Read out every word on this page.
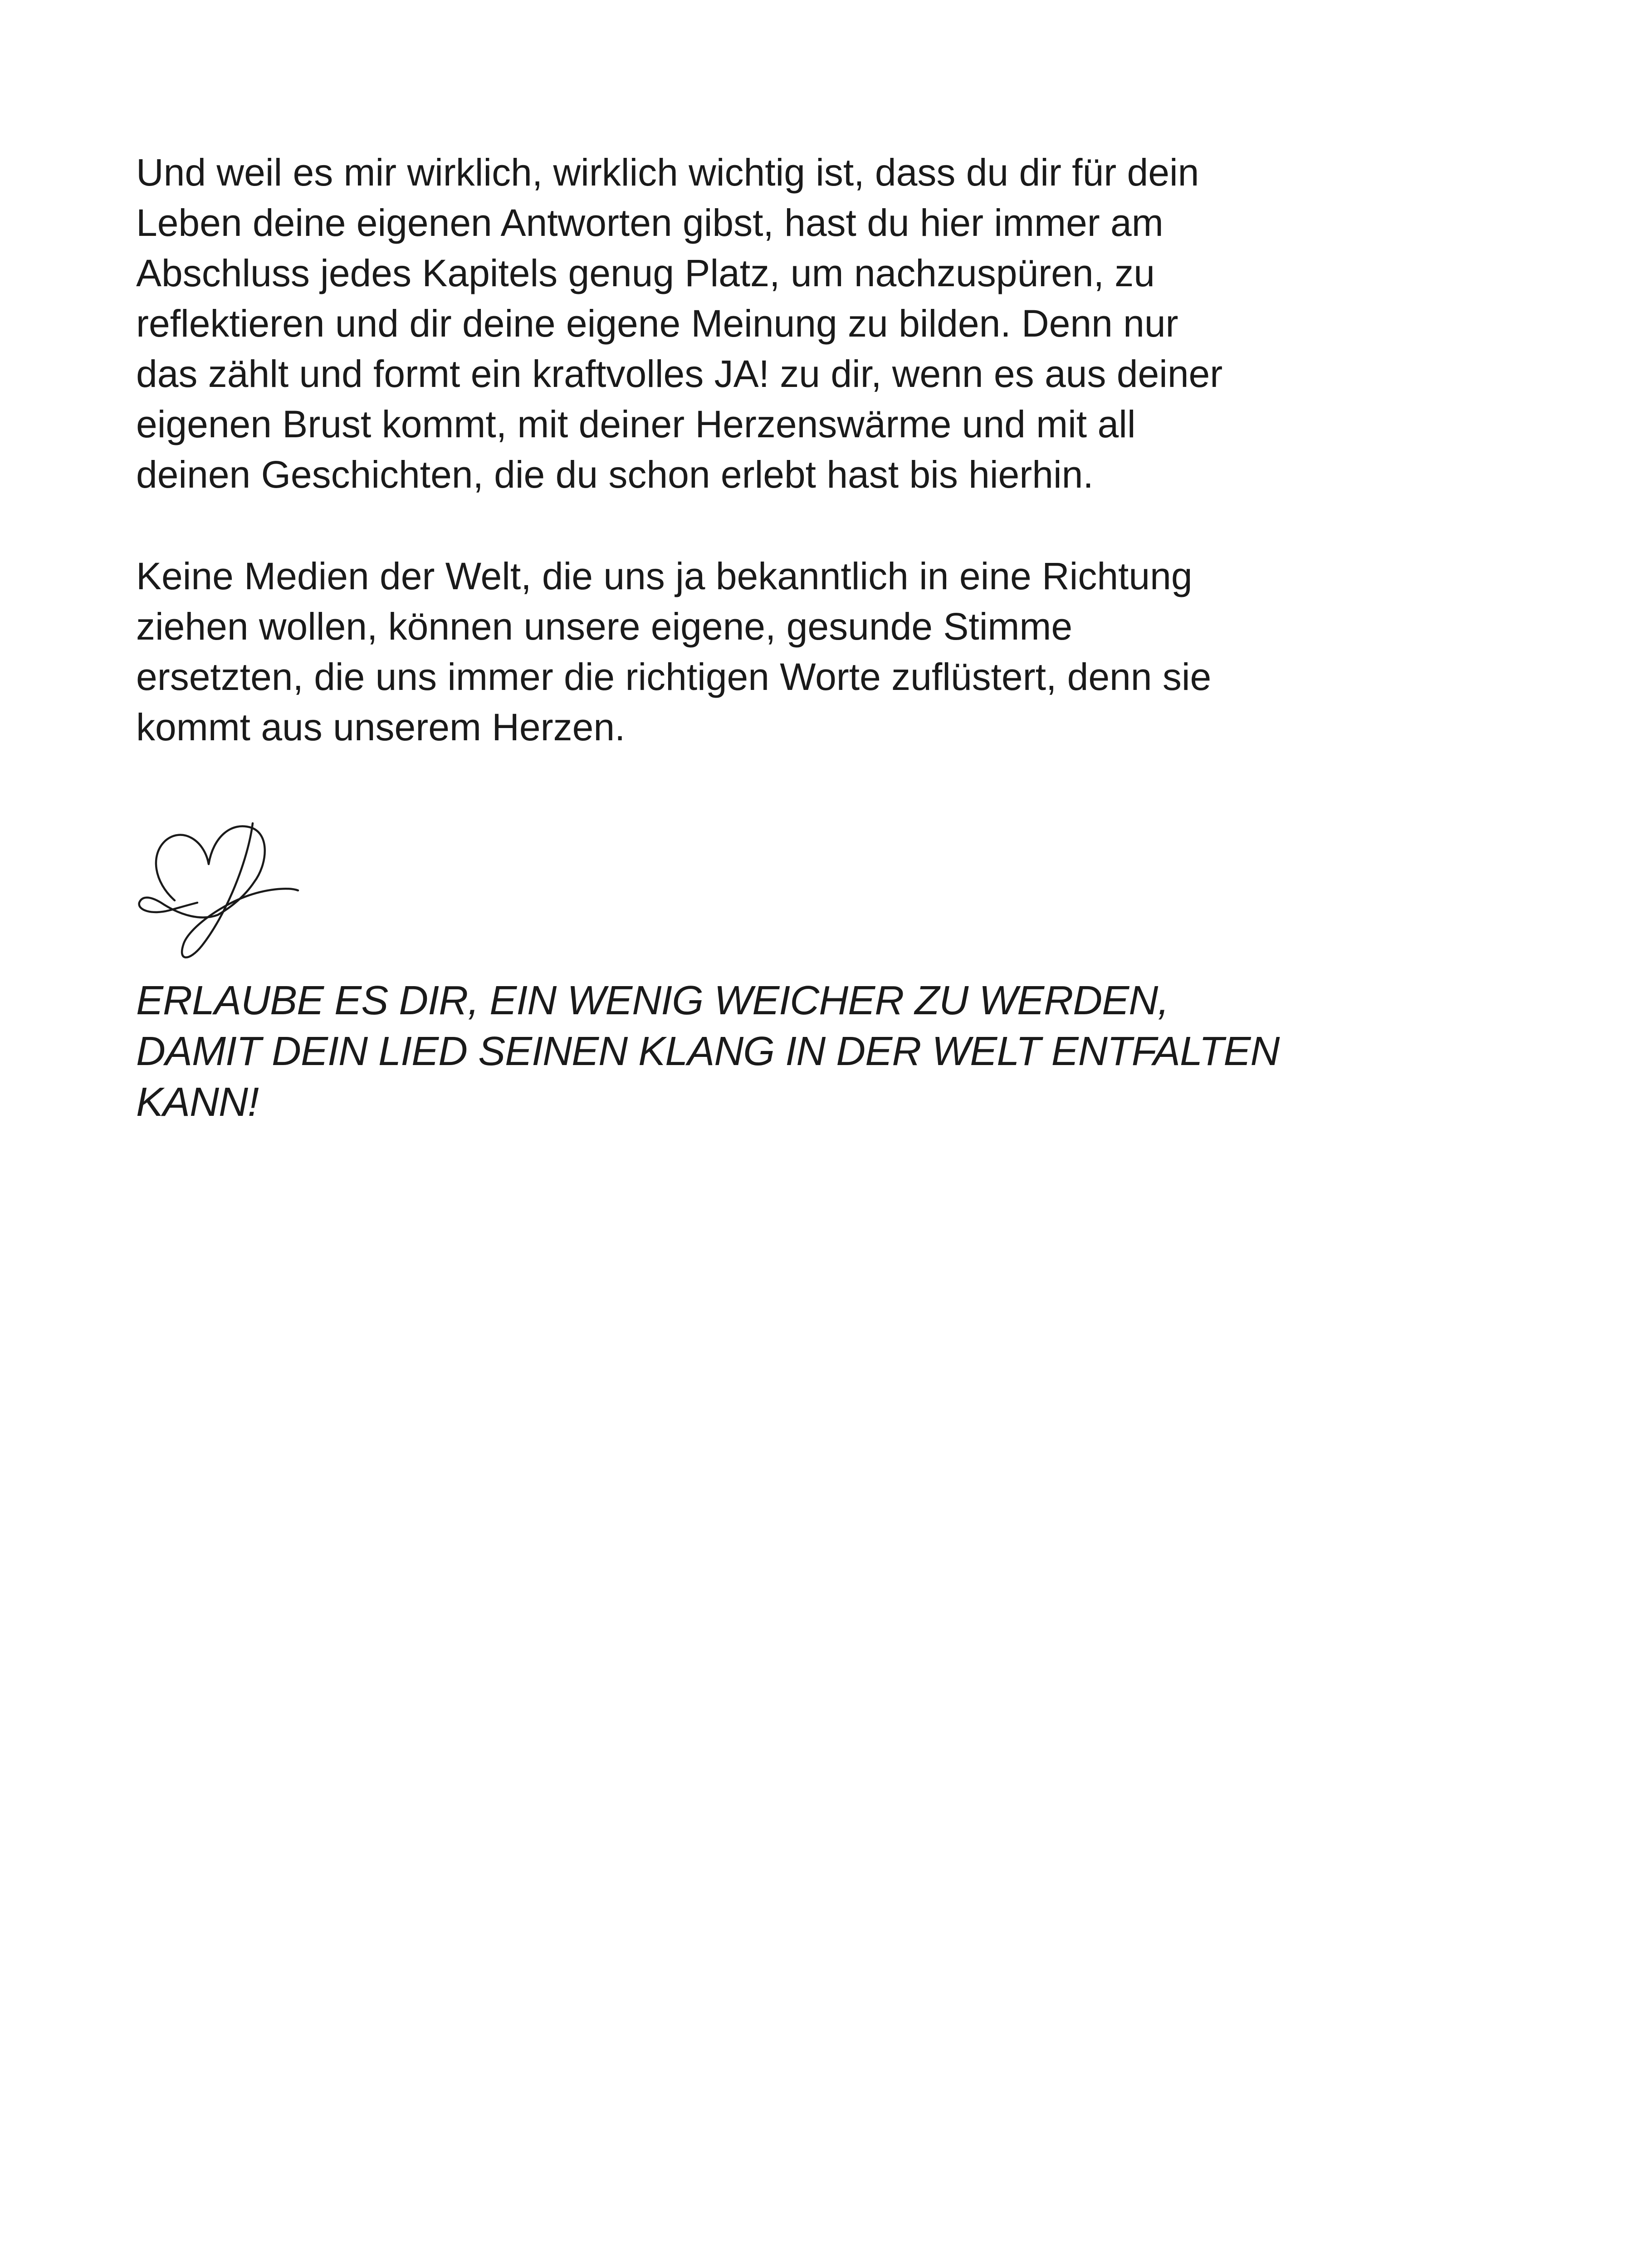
Und weil es mir wirklich, wirklich wichtig ist, dass du dir für dein
Leben deine eigenen Antworten gibst, hast du hier immer am
Abschluss jedes Kapitels genug Platz, um nachzuspüren, zu
reflektieren und dir deine eigene Meinung zu bilden. Denn nur
das zählt und formt ein kraftvolles JA! zu dir, wenn es aus deiner
eigenen Brust kommt, mit deiner Herzenswärme und mit all
deinen Geschichten, die du schon erlebt hast bis hierhin.

Keine Medien der Welt, die uns ja bekanntlich in eine Richtung
ziehen wollen, können unsere eigene, gesunde Stimme
ersetzten, die uns immer die richtigen Worte zuflüstert, denn sie
kommt aus unserem Herzen.

ERLAUBE ES DIR, EIN WENIG WEICHER ZU WERDEN,
DAMIT DEIN LIED SEINEN KLANG IN DER WELT ENTFALTEN
KANN!
